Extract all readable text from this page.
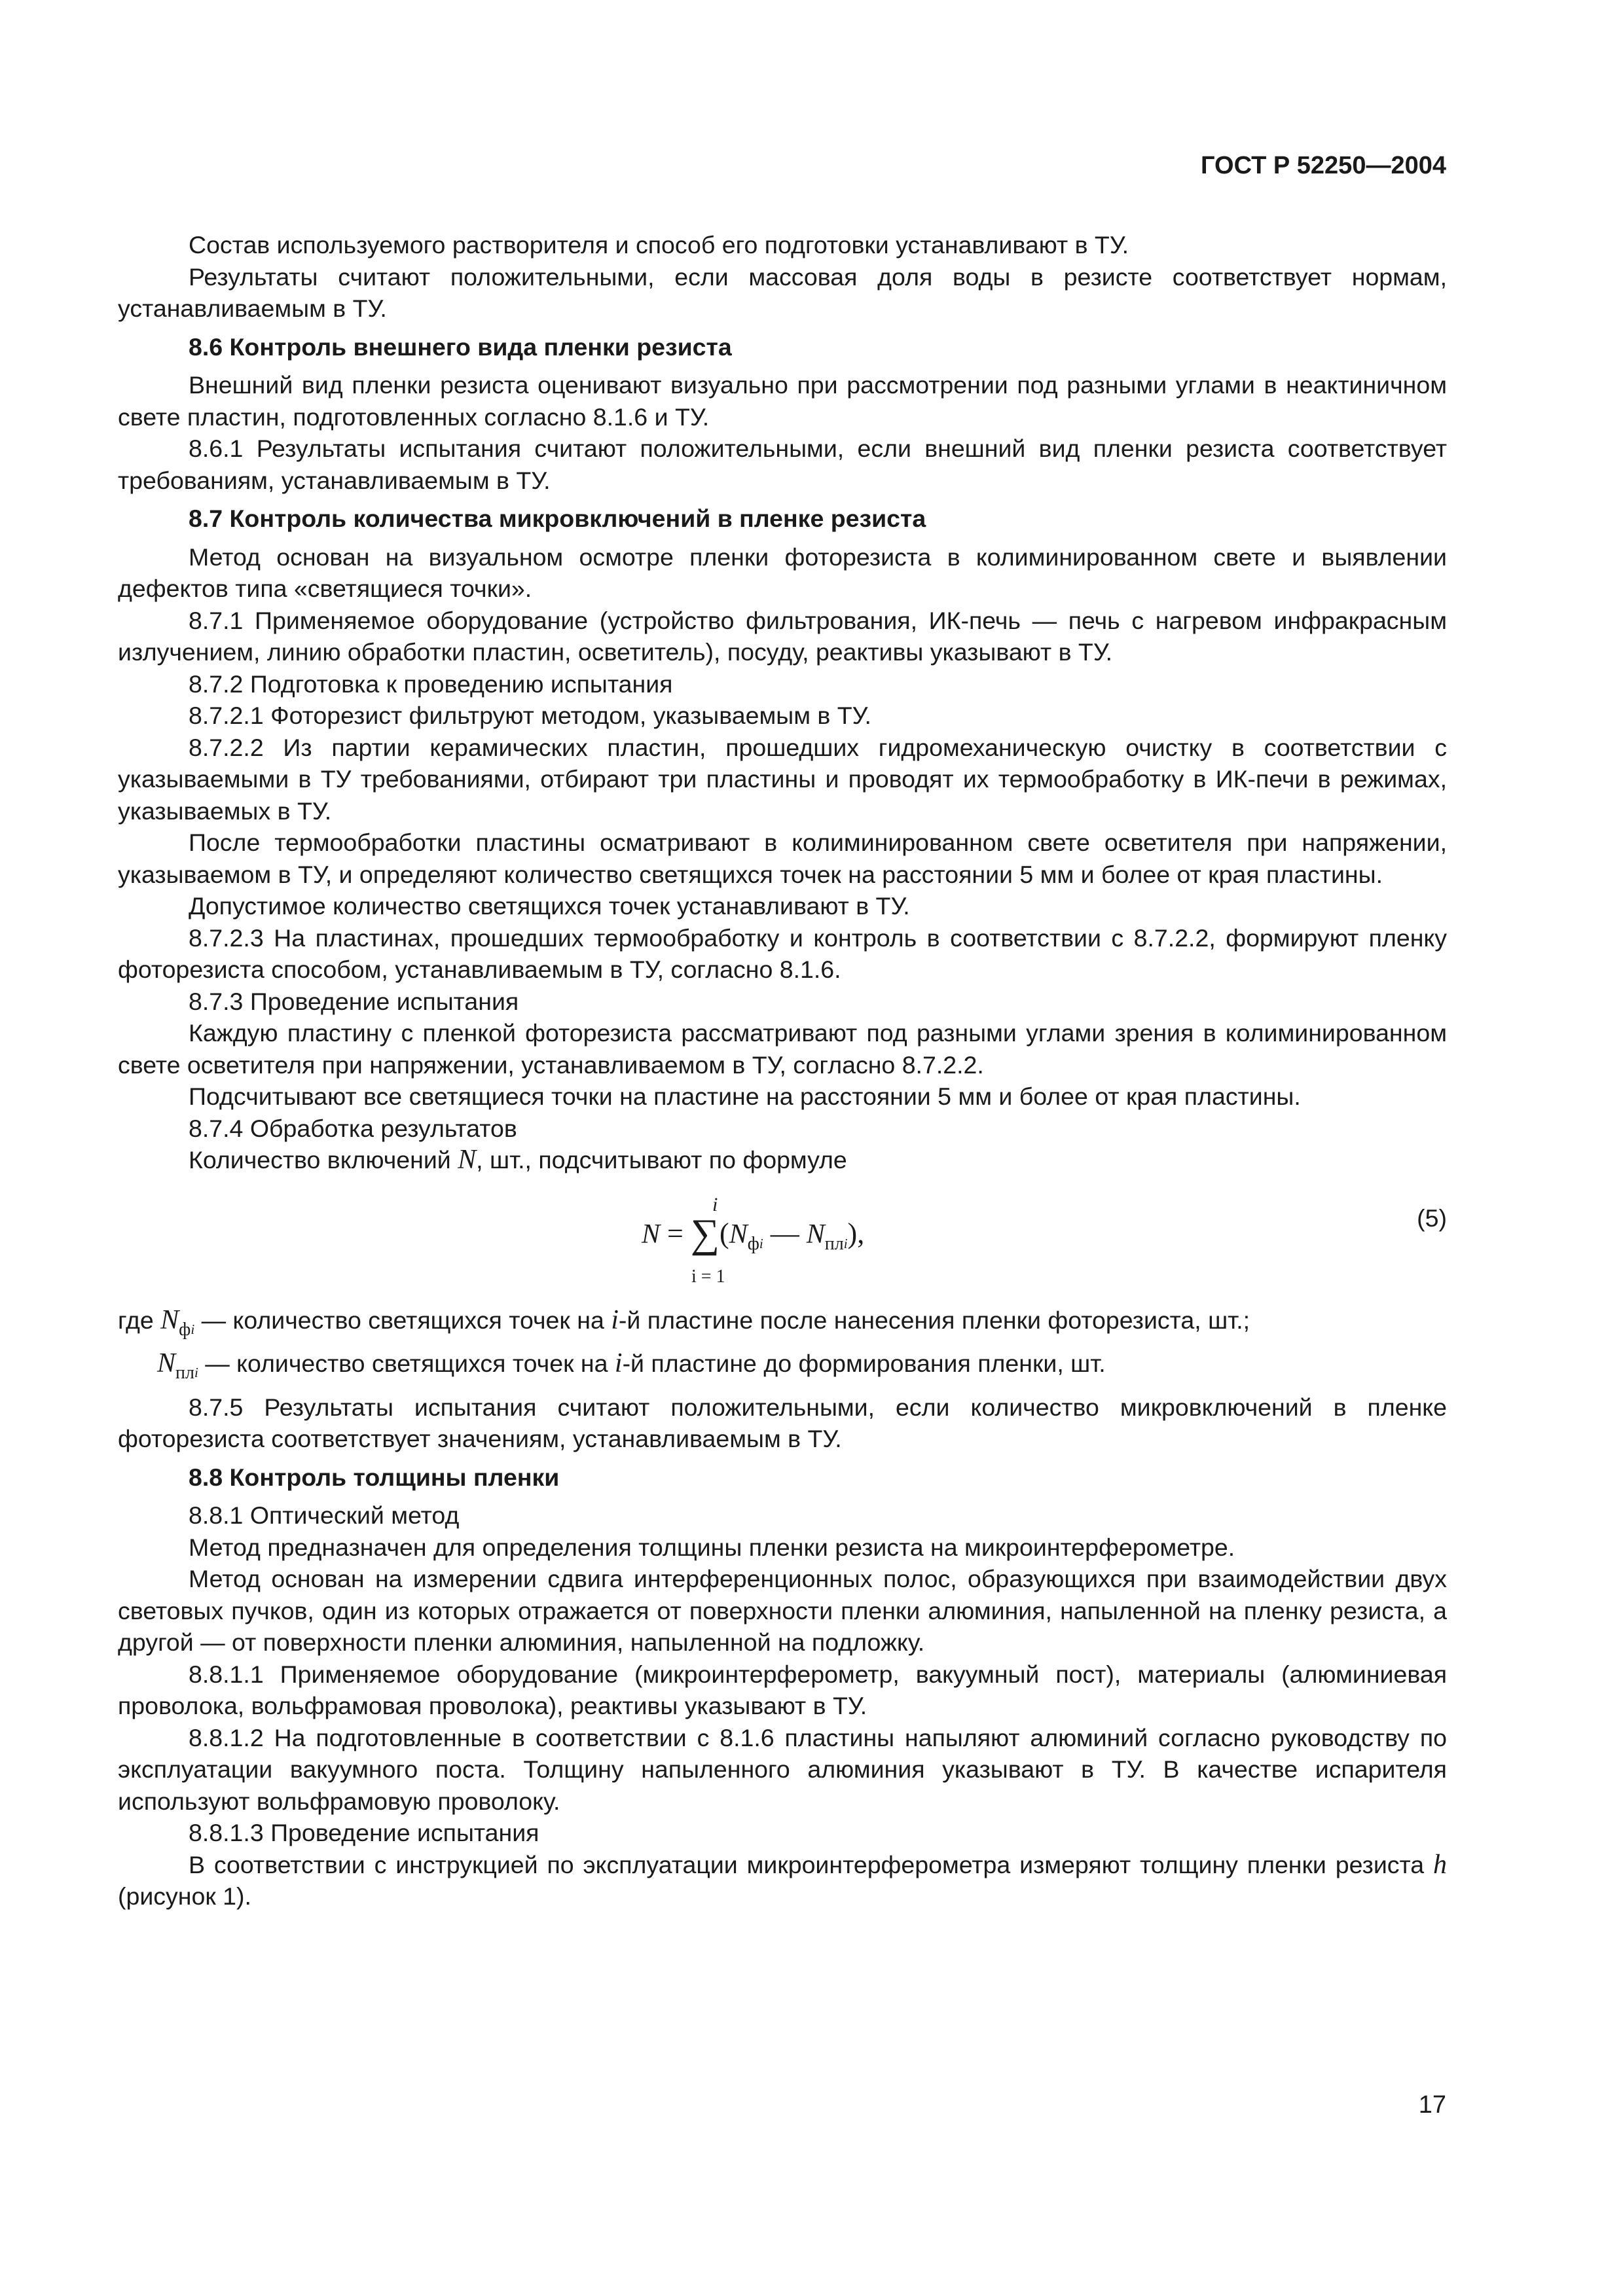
ГОСТ Р 52250—2004

Состав используемого растворителя и способ его подготовки устанавливают в ТУ.

Результаты считают положительными, если массовая доля воды в резисте соответствует нормам, устанавливаемым в ТУ.

8.6 Контроль внешнего вида пленки резиста

Внешний вид пленки резиста оценивают визуально при рассмотрении под разными углами в неактиничном свете пластин, подготовленных согласно 8.1.6 и ТУ.

8.6.1 Результаты испытания считают положительными, если внешний вид пленки резиста соответствует требованиям, устанавливаемым в ТУ.

8.7 Контроль количества микровключений в пленке резиста

Метод основан на визуальном осмотре пленки фоторезиста в колиминированном свете и выявлении дефектов типа «светящиеся точки».

8.7.1 Применяемое оборудование (устройство фильтрования, ИК-печь — печь с нагревом инфракрасным излучением, линию обработки пластин, осветитель), посуду, реактивы указывают в ТУ.

8.7.2 Подготовка к проведению испытания

8.7.2.1 Фоторезист фильтруют методом, указываемым в ТУ.

8.7.2.2 Из партии керамических пластин, прошедших гидромеханическую очистку в соответствии с указываемыми в ТУ требованиями, отбирают три пластины и проводят их термообработку в ИК-печи в режимах, указываемых в ТУ.

После термообработки пластины осматривают в колиминированном свете осветителя при напряжении, указываемом в ТУ, и определяют количество светящихся точек на расстоянии 5 мм и более от края пластины.

Допустимое количество светящихся точек устанавливают в ТУ.

8.7.2.3 На пластинах, прошедших термообработку и контроль в соответствии с 8.7.2.2, формируют пленку фоторезиста способом, устанавливаемым в ТУ, согласно 8.1.6.

8.7.3 Проведение испытания

Каждую пластину с пленкой фоторезиста рассматривают под разными углами зрения в колиминированном свете осветителя при напряжении, устанавливаемом в ТУ, согласно 8.7.2.2.

Подсчитывают все светящиеся точки на пластине на расстоянии 5 мм и более от края пластины.

8.7.4 Обработка результатов

Количество включений N, шт., подсчитывают по формуле

i
$N = \sum(N_фi$ — $N_{пл}i$),
i = 1
(5)

где $N_{фi}$ — количество светящихся точек на i-й пластине после нанесения пленки фоторезиста, шт.;

$N_{плi}$ — количество светящихся точек на i-й пластине до формирования пленки, шт.

8.7.5 Результаты испытания считают положительными, если количество микровключений в пленке фоторезиста соответствует значениям, устанавливаемым в ТУ.

8.8 Контроль толщины пленки

8.8.1 Оптический метод

Метод предназначен для определения толщины пленки резиста на микроинтерферометре.

Метод основан на измерении сдвига интерференционных полос, образующихся при взаимодействии двух световых пучков, один из которых отражается от поверхности пленки алюминия, напыленной на пленку резиста, а другой — от поверхности пленки алюминия, напыленной на подложку.

8.8.1.1 Применяемое оборудование (микроинтерферометр, вакуумный пост), материалы (алюминиевая проволока, вольфрамовая проволока), реактивы указывают в ТУ.

8.8.1.2 На подготовленные в соответствии с 8.1.6 пластины напыляют алюминий согласно руководству по эксплуатации вакуумного поста. Толщину напыленного алюминия указывают в ТУ. В качестве испарителя используют вольфрамовую проволоку.

8.8.1.3 Проведение испытания

В соответствии с инструкцией по эксплуатации микроинтерферометра измеряют толщину пленки резиста h (рисунок 1).

17
